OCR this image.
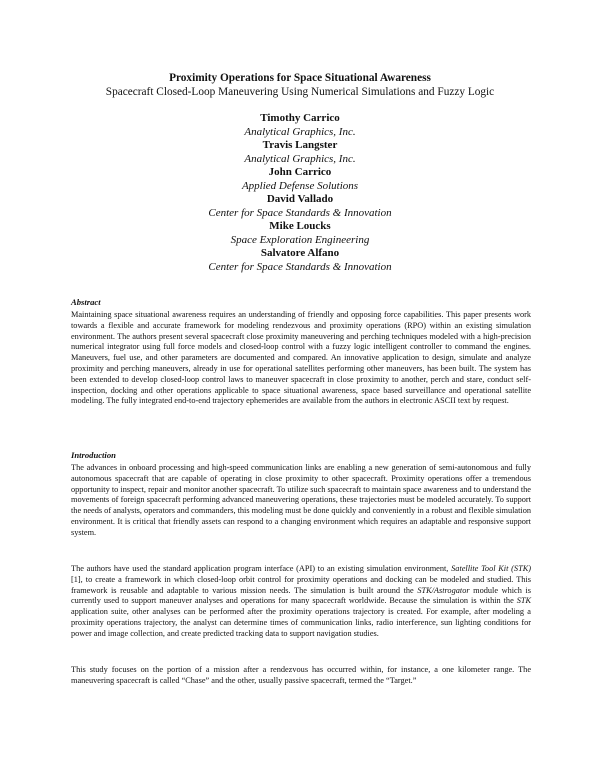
Proximity Operations for Space Situational Awareness
Spacecraft Closed-Loop Maneuvering Using Numerical Simulations and Fuzzy Logic
Timothy Carrico
Analytical Graphics, Inc.
Travis Langster
Analytical Graphics, Inc.
John Carrico
Applied Defense Solutions
David Vallado
Center for Space Standards & Innovation
Mike Loucks
Space Exploration Engineering
Salvatore Alfano
Center for Space Standards & Innovation
Abstract
Maintaining space situational awareness requires an understanding of friendly and opposing force capabilities. This paper presents work towards a flexible and accurate framework for modeling rendezvous and proximity operations (RPO) within an existing simulation environment. The authors present several spacecraft close proximity maneuvering and perching techniques modeled with a high-precision numerical integrator using full force models and closed-loop control with a fuzzy logic intelligent controller to command the engines. Maneuvers, fuel use, and other parameters are documented and compared. An innovative application to design, simulate and analyze proximity and perching maneuvers, already in use for operational satellites performing other maneuvers, has been built. The system has been extended to develop closed-loop control laws to maneuver spacecraft in close proximity to another, perch and stare, conduct self-inspection, docking and other operations applicable to space situational awareness, space based surveillance and operational satellite modeling. The fully integrated end-to-end trajectory ephemerides are available from the authors in electronic ASCII text by request.
Introduction
The advances in onboard processing and high-speed communication links are enabling a new generation of semi-autonomous and fully autonomous spacecraft that are capable of operating in close proximity to other spacecraft. Proximity operations offer a tremendous opportunity to inspect, repair and monitor another spacecraft. To utilize such spacecraft to maintain space awareness and to understand the movements of foreign spacecraft performing advanced maneuvering operations, these trajectories must be modeled accurately. To support the needs of analysts, operators and commanders, this modeling must be done quickly and conveniently in a robust and flexible simulation environment. It is critical that friendly assets can respond to a changing environment which requires an adaptable and responsive support system.
The authors have used the standard application program interface (API) to an existing simulation environment, Satellite Tool Kit (STK) [1], to create a framework in which closed-loop orbit control for proximity operations and docking can be modeled and studied. This framework is reusable and adaptable to various mission needs. The simulation is built around the STK/Astrogator module which is currently used to support maneuver analyses and operations for many spacecraft worldwide. Because the simulation is within the STK application suite, other analyses can be performed after the proximity operations trajectory is created. For example, after modeling a proximity operations trajectory, the analyst can determine times of communication links, radio interference, sun lighting conditions for power and image collection, and create predicted tracking data to support navigation studies.
This study focuses on the portion of a mission after a rendezvous has occurred within, for instance, a one kilometer range. The maneuvering spacecraft is called “Chase” and the other, usually passive spacecraft, termed the “Target.”
